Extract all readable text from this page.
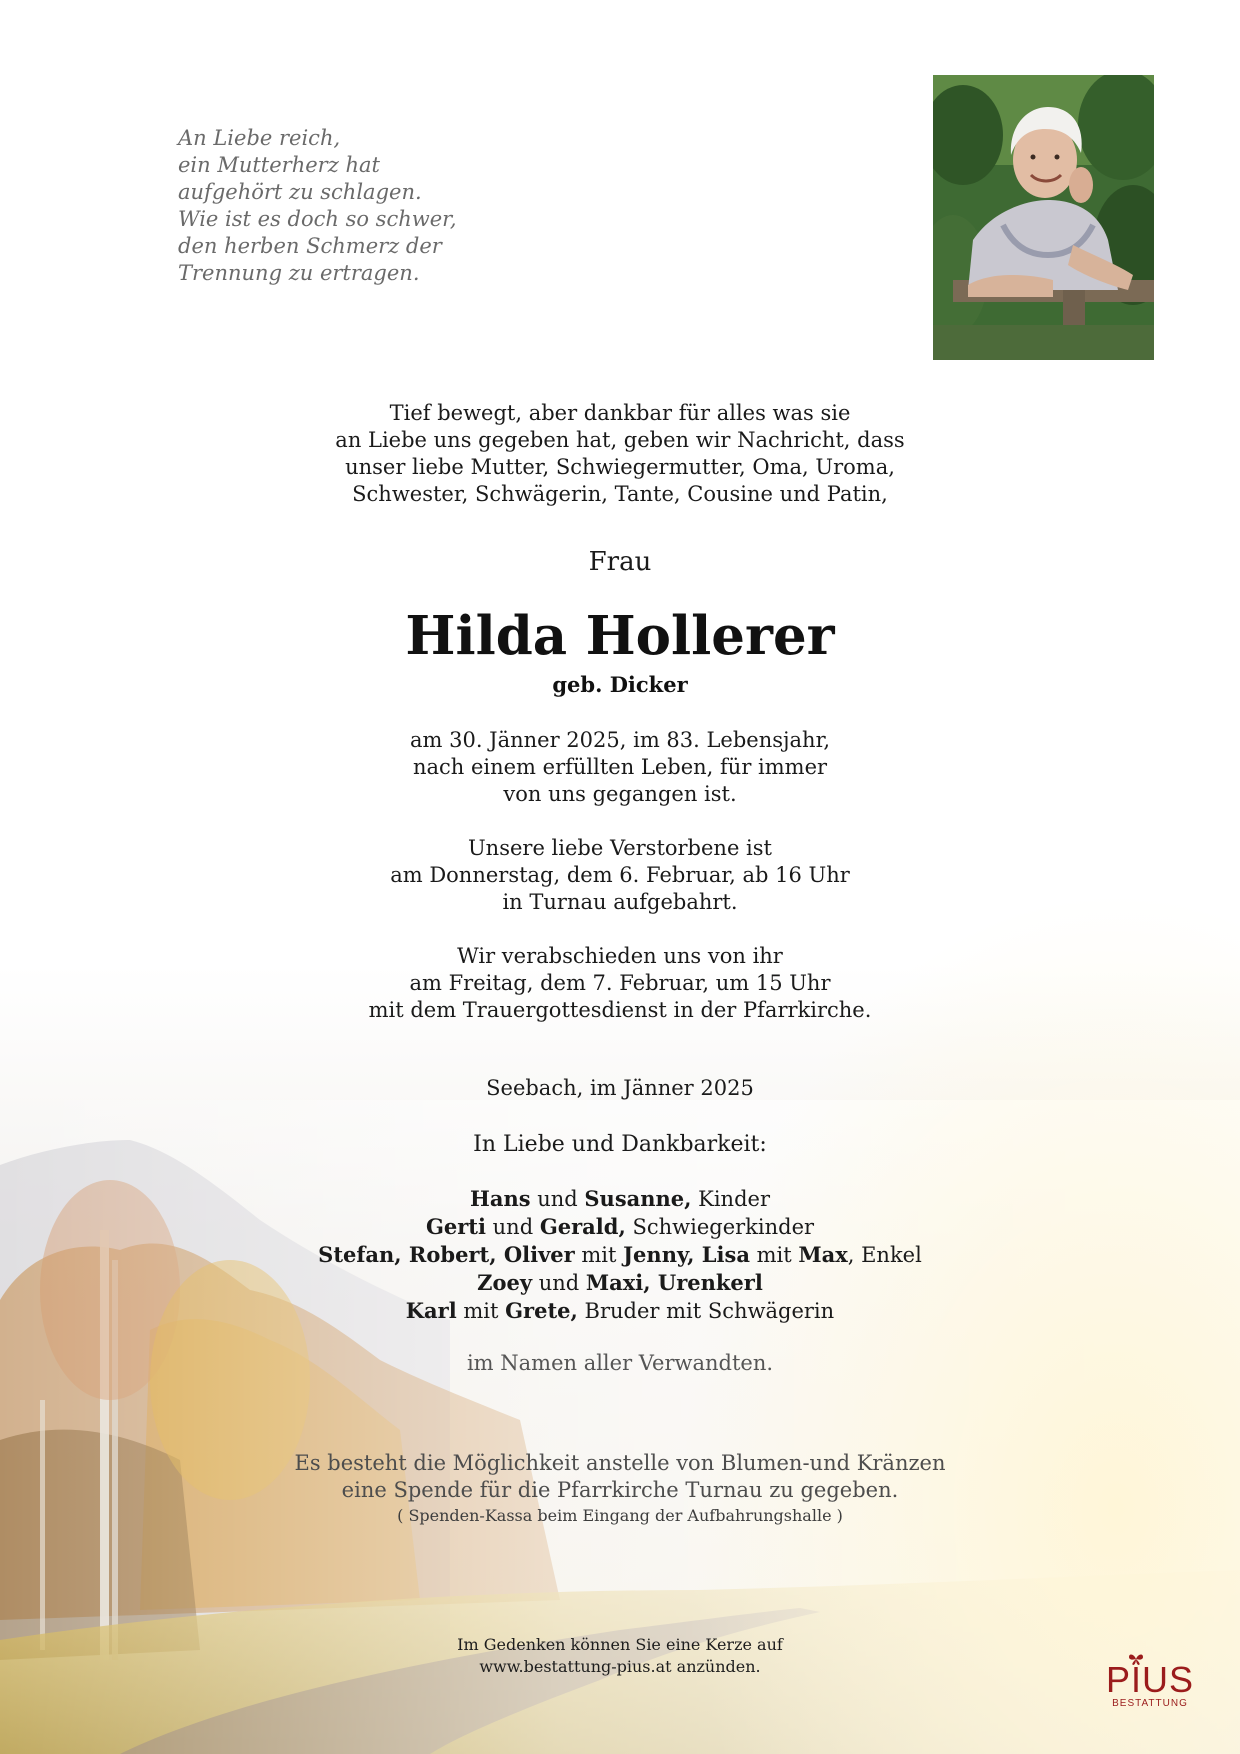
An Liebe reich,
ein Mutterherz hat
aufgehört zu schlagen.
Wie ist es doch so schwer,
den herben Schmerz der
Trennung zu ertragen.
Tief bewegt, aber dankbar für alles was sie
an Liebe uns gegeben hat, geben wir Nachricht, dass
unser liebe Mutter, Schwiegermutter, Oma, Uroma,
Schwester, Schwägerin, Tante, Cousine und Patin,
Frau
Hilda Hollerer
geb. Dicker
am 30. Jänner 2025, im 83. Lebensjahr,
nach einem erfüllten Leben, für immer
von uns gegangen ist.
Unsere liebe Verstorbene ist
am Donnerstag, dem 6. Februar, ab 16 Uhr
in Turnau aufgebahrt.
Wir verabschieden uns von ihr
am Freitag, dem 7. Februar, um 15 Uhr
mit dem Trauergottesdienst in der Pfarrkirche.
Seebach, im Jänner 2025
In Liebe und Dankbarkeit:
Hans und Susanne, Kinder
Gerti und Gerald, Schwiegerkinder
Stefan, Robert, Oliver mit Jenny, Lisa mit Max, Enkel
Zoey und Maxi, Urenkerl
Karl mit Grete, Bruder mit Schwägerin
im Namen aller Verwandten.
Es besteht die Möglichkeit anstelle von Blumen-und Kränzen
eine Spende für die Pfarrkirche Turnau zu gegeben.
( Spenden-Kassa beim Eingang der Aufbahrungshalle )
Im Gedenken können Sie eine Kerze auf
www.bestattung-pius.at anzünden.	PIUS
BESTATTUNG
